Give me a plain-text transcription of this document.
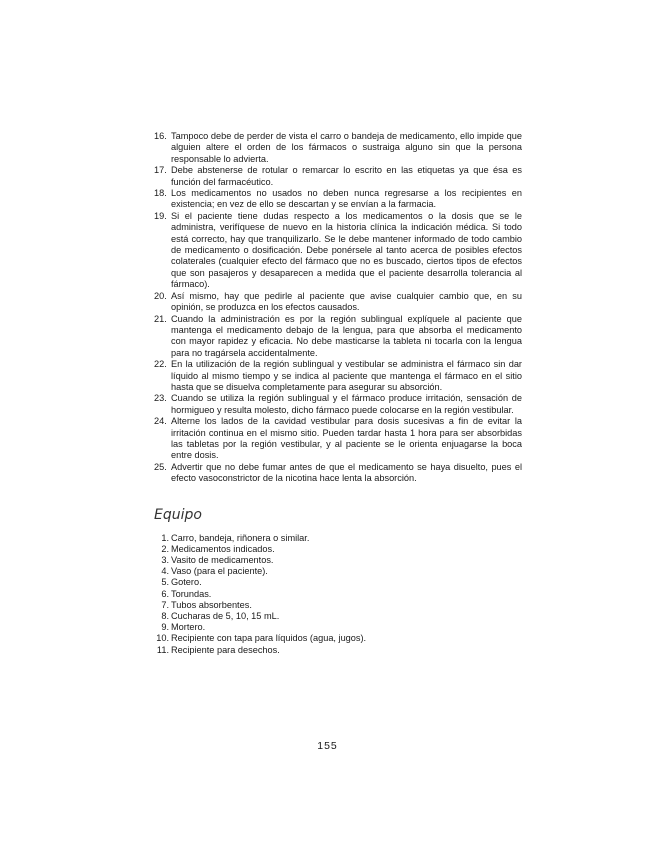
16. Tampoco debe de perder de vista el carro o bandeja de medicamento, ello impide que alguien altere el orden de los fármacos o sustraiga alguno sin que la persona responsable lo advierta.
17. Debe abstenerse de rotular o remarcar lo escrito en las etiquetas ya que ésa es función del farmacéutico.
18. Los medicamentos no usados no deben nunca regresarse a los recipientes en existencia; en vez de ello se descartan y se envían a la farmacia.
19. Si el paciente tiene dudas respecto a los medicamentos o la dosis que se le administra, verifíquese de nuevo en la historia clínica la indicación médica. Si todo está correcto, hay que tranquilizarlo. Se le debe mantener informado de todo cambio de medicamento o dosificación. Debe ponérsele al tanto acerca de posibles efectos colaterales (cualquier efecto del fármaco que no es buscado, ciertos tipos de efectos que son pasajeros y desaparecen a medida que el paciente desarrolla tolerancia al fármaco).
20. Así mismo, hay que pedirle al paciente que avise cualquier cambio que, en su opinión, se produzca en los efectos causados.
21. Cuando la administración es por la región sublingual explíquele al paciente que mantenga el medicamento debajo de la lengua, para que absorba el medicamento con mayor rapidez y eficacia. No debe masticarse la tableta ni tocarla con la lengua para no tragársela accidentalmente.
22. En la utilización de la región sublingual y vestibular se administra el fármaco sin dar líquido al mismo tiempo y se indica al paciente que mantenga el fármaco en el sitio hasta que se disuelva completamente para asegurar su absorción.
23. Cuando se utiliza la región sublingual y el fármaco produce irritación, sensación de hormigueo y resulta molesto, dicho fármaco puede colocarse en la región vestibular.
24. Alterne los lados de la cavidad vestibular para dosis sucesivas a fin de evitar la irritación continua en el mismo sitio. Pueden tardar hasta 1 hora para ser absorbidas las tabletas por la región vestibular, y al paciente se le orienta enjuagarse la boca entre dosis.
25. Advertir que no debe fumar antes de que el medicamento se haya disuelto, pues el efecto vasoconstrictor de la nicotina hace lenta la absorción.
Equipo
1. Carro, bandeja, riñonera o similar.
2. Medicamentos indicados.
3. Vasito de medicamentos.
4. Vaso (para el paciente).
5. Gotero.
6. Torundas.
7. Tubos absorbentes.
8. Cucharas de 5, 10, 15 mL.
9. Mortero.
10. Recipiente con tapa para líquidos (agua, jugos).
11. Recipiente para desechos.
155
